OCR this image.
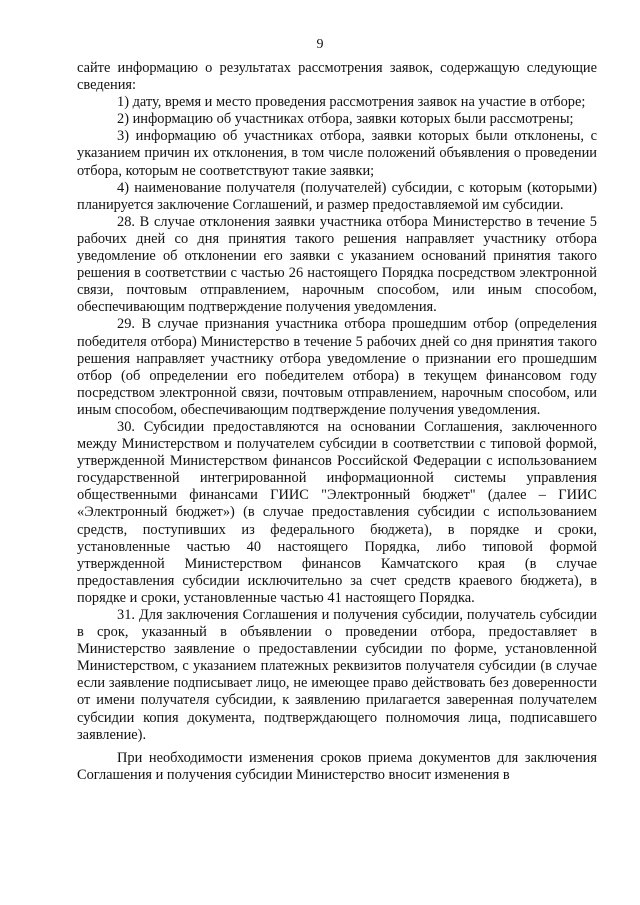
9

сайте информацию о результатах рассмотрения заявок, содержащую следующие сведения:

1) дату, время и место проведения рассмотрения заявок на участие в отборе;

2) информацию об участниках отбора, заявки которых были рассмотрены;

3) информацию об участниках отбора, заявки которых были отклонены, с указанием причин их отклонения, в том числе положений объявления о проведении отбора, которым не соответствуют такие заявки;

4) наименование получателя (получателей) субсидии, с которым (которыми) планируется заключение Соглашений, и размер предоставляемой им субсидии.

28. В случае отклонения заявки участника отбора Министерство в течение 5 рабочих дней со дня принятия такого решения направляет участнику отбора уведомление об отклонении его заявки с указанием оснований принятия такого решения в соответствии с частью 26 настоящего Порядка посредством электронной связи, почтовым отправлением, нарочным способом, или иным способом, обеспечивающим подтверждение получения уведомления.

29. В случае признания участника отбора прошедшим отбор (определения победителя отбора) Министерство в течение 5 рабочих дней со дня принятия такого решения направляет участнику отбора уведомление о признании его прошедшим отбор (об определении его победителем отбора) в текущем финансовом году посредством электронной связи, почтовым отправлением, нарочным способом, или иным способом, обеспечивающим подтверждение получения уведомления.

30. Субсидии предоставляются на основании Соглашения, заключенного между Министерством и получателем субсидии в соответствии с типовой формой, утвержденной Министерством финансов Российской Федерации с использованием государственной интегрированной информационной системы управления общественными финансами ГИИС "Электронный бюджет" (далее – ГИИС «Электронный бюджет») (в случае предоставления субсидии с использованием средств, поступивших из федерального бюджета), в порядке и сроки, установленные частью 40 настоящего Порядка, либо типовой формой утвержденной Министерством финансов Камчатского края (в случае предоставления субсидии исключительно за счет средств краевого бюджета), в порядке и сроки, установленные частью 41 настоящего Порядка.

31. Для заключения Соглашения и получения субсидии, получатель субсидии в срок, указанный в объявлении о проведении отбора, предоставляет в Министерство заявление о предоставлении субсидии по форме, установленной Министерством, с указанием платежных реквизитов получателя субсидии (в случае если заявление подписывает лицо, не имеющее право действовать без доверенности от имени получателя субсидии, к заявлению прилагается заверенная получателем субсидии копия документа, подтверждающего полномочия лица, подписавшего заявление).

При необходимости изменения сроков приема документов для заключения Соглашения и получения субсидии Министерство вносит изменения в
